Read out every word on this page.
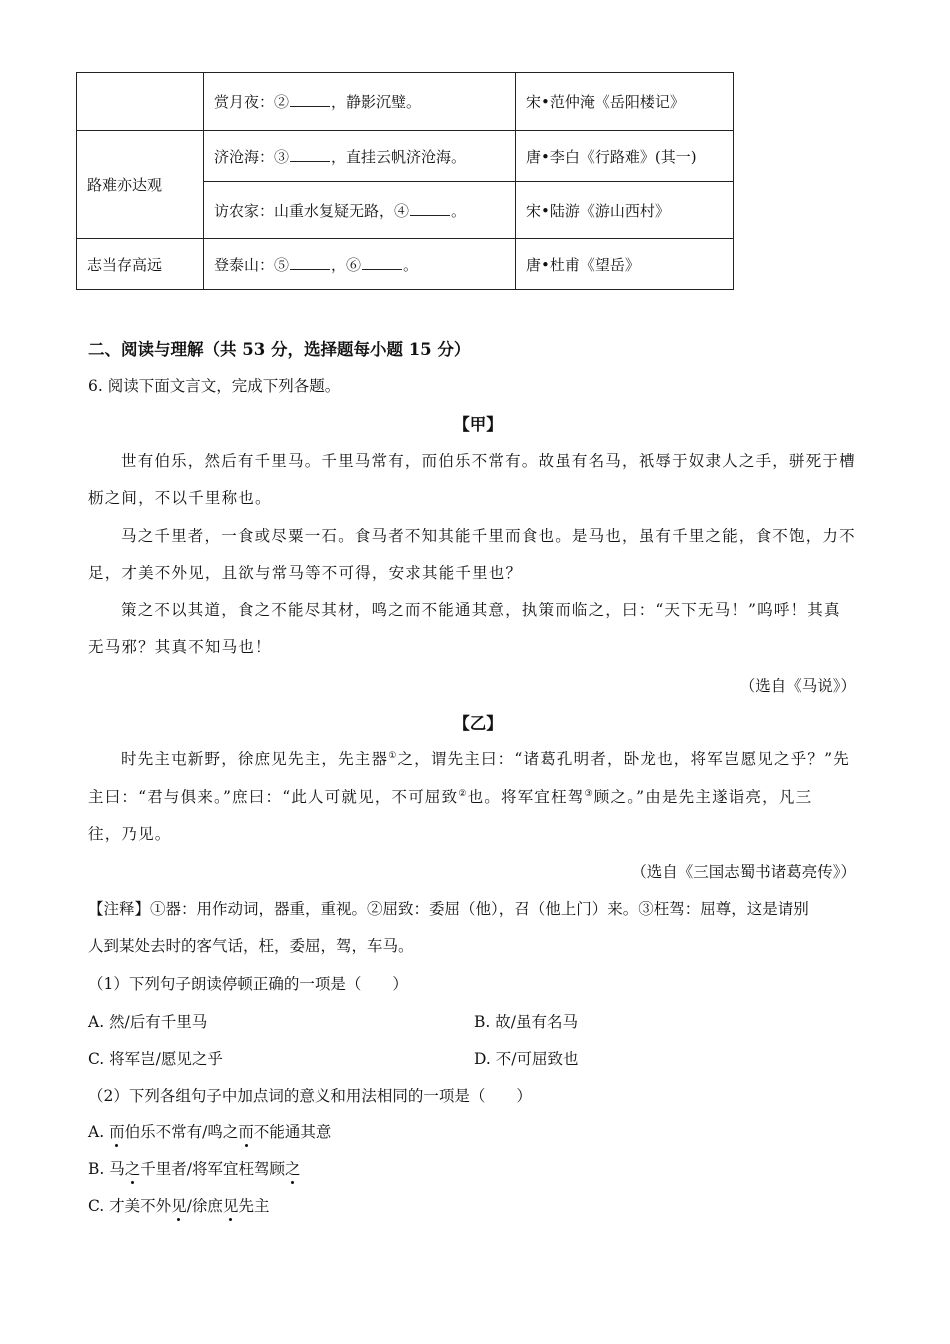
	赏月夜：② ，静影沉璧。	宋•范仲淹《岳阳楼记》
路难亦达观	济沧海：③ ，直挂云帆济沧海。	唐•李白《行路难》(其一)
	访农家：山重水复疑无路，④ 。	宋•陆游《游山西村》
志当存高远	登泰山：⑤ ，⑥ 。	唐•杜甫《望岳》
二、阅读与理解（共 53 分，选择题每小题 15 分）
6. 阅读下面文言文，完成下列各题。
【甲】
世有伯乐，然后有千里马。千里马常有，而伯乐不常有。故虽有名马，祇辱于奴隶人之手，骈死于槽
枥之间，不以千里称也。
马之千里者，一食或尽粟一石。食马者不知其能千里而食也。是马也，虽有千里之能，食不饱，力不
足，才美不外见，且欲与常马等不可得，安求其能千里也？
策之不以其道，食之不能尽其材，鸣之而不能通其意，执策而临之，曰：“天下无马！”呜呼！其真
无马邪？其真不知马也！
（选自《马说》）
【乙】
时先主屯新野，徐庶见先主，先主器①之，谓先主曰：“诸葛孔明者，卧龙也，将军岂愿见之乎？”先
主曰：“君与俱来。”庶曰：“此人可就见，不可屈致②也。将军宜枉驾③顾之。”由是先主遂诣亮，凡三
往，乃见。
（选自《三国志蜀书诸葛亮传》）
【注释】①器：用作动词，器重，重视。②屈致：委屈（他），召（他上门）来。③枉驾：屈尊，这是请别
人到某处去时的客气话，枉，委屈，驾，车马。
（1）下列句子朗读停顿正确的一项是（　　）
A. 然/后有千里马	B. 故/虽有名马
C. 将军岂/愿见之乎	D. 不/可屈致也
（2）下列各组句子中加点词的意义和用法相同的一项是（　　）
A. 而伯乐不常有/鸣之而不能通其意
B. 马之千里者/将军宜枉驾顾之
C. 才美不外见/徐庶见先主
